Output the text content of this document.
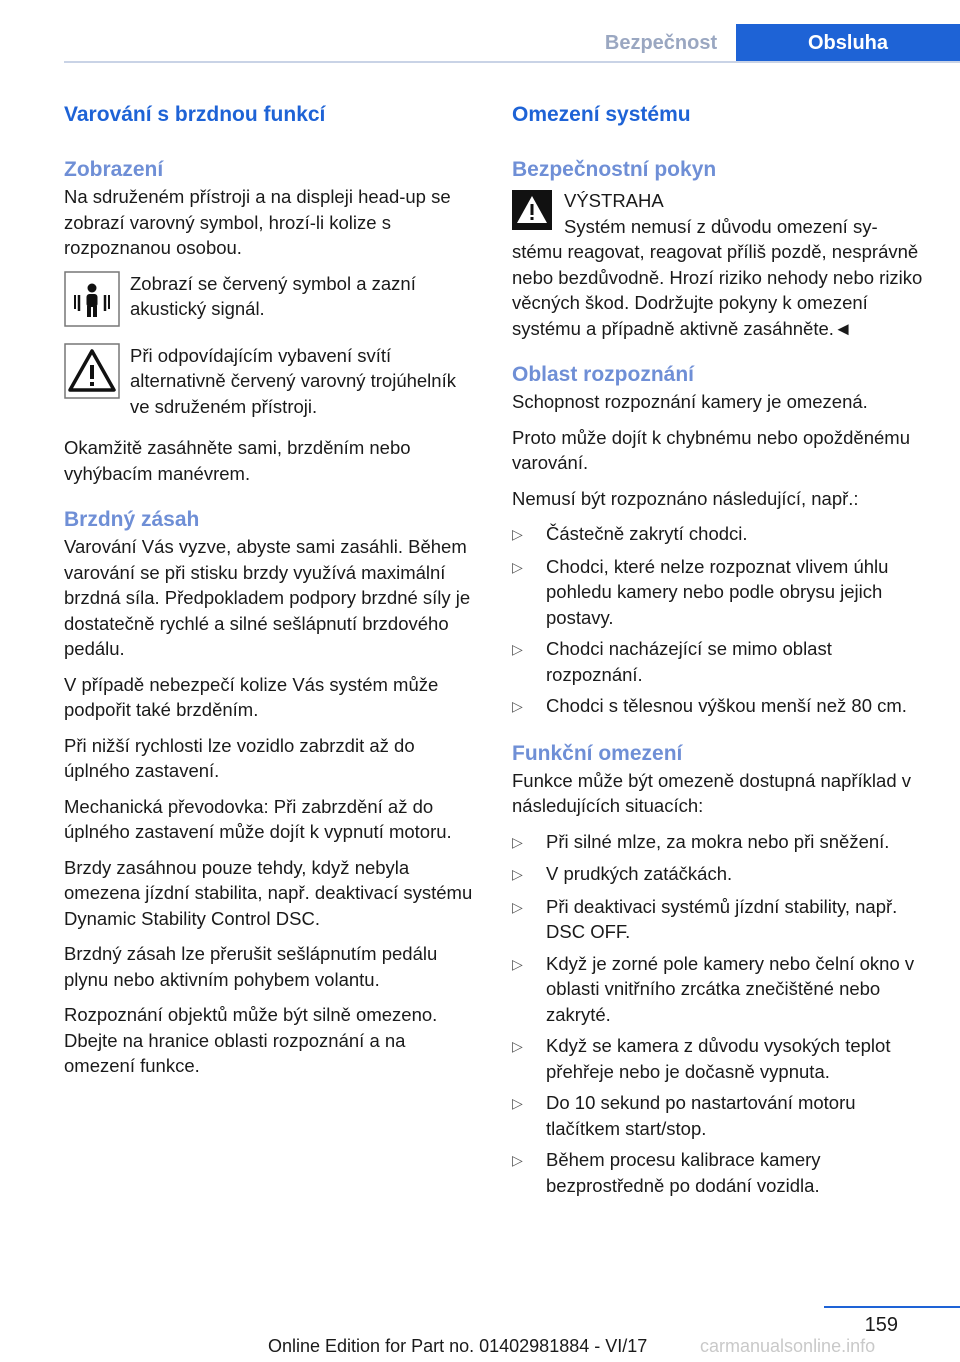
Bezpečnost	Obsluha
Varování s brzdnou funkcí
Zobrazení

Na sdruženém přístroji a na displeji head-up se zobrazí varovný symbol, hrozí-li kolize s rozpoznanou osobou.

Zobrazí se červený symbol a zazní akustický signál.

Při odpovídajícím vybavení svítí alternativně červený varovný trojúhelník ve sdruženém přístroji.

Okamžitě zasáhněte sami, brzděním nebo vyhýbacím manévrem.

Brzdný zásah

Varování Vás vyzve, abyste sami zasáhli. Během varování se při stisku brzdy využívá maximální brzdná síla. Předpokladem podpory brzdné síly je dostatečně rychlé a silné sešlápnutí brzdového pedálu.

V případě nebezpečí kolize Vás systém může podpořit také brzděním.

Při nižší rychlosti lze vozidlo zabrzdit až do úplného zastavení.

Mechanická převodovka: Při zabrzdění až do úplného zastavení může dojít k vypnutí motoru.

Brzdy zasáhnou pouze tehdy, když nebyla omezena jízdní stabilita, např. deaktivací systému Dynamic Stability Control DSC.

Brzdný zásah lze přerušit sešlápnutím pedálu plynu nebo aktivním pohybem volantu.

Rozpoznání objektů může být silně omezeno. Dbejte na hranice oblasti rozpoznání a na omezení funkce.

Omezení systému
Bezpečnostní pokyn
VÝSTRAHA
Systém nemusí z důvodu omezení sy-

stému reagovat, reagovat příliš pozdě, nesprávně nebo bezdůvodně. Hrozí riziko nehody nebo riziko věcných škod. Dodržujte pokyny k omezení systému a případně aktivně zasáhněte.◄

Oblast rozpoznání

Schopnost rozpoznání kamery je omezená.

Proto může dojít k chybnému nebo opožděnému varování.

Nemusí být rozpoznáno následující, např.:

▷	Částečně zakrytí chodci.
▷	Chodci, které nelze rozpoznat vlivem úhlu pohledu kamery nebo podle obrysu jejich postavy.
▷	Chodci nacházející se mimo oblast rozpoznání.
▷	Chodci s tělesnou výškou menší než 80 cm.
Funkční omezení

Funkce může být omezeně dostupná například v následujících situacích:

▷	Při silné mlze, za mokra nebo při sněžení.
▷	V prudkých zatáčkách.
▷	Při deaktivaci systémů jízdní stability, např. DSC OFF.
▷	Když je zorné pole kamery nebo čelní okno v oblasti vnitřního zrcátka znečištěné nebo zakryté.
▷	Když se kamera z důvodu vysokých teplot přehřeje nebo je dočasně vypnuta.
▷	Do 10 sekund po nastartování motoru tlačítkem start/stop.
▷	Během procesu kalibrace kamery bezprostředně po dodání vozidla.
159
Online Edition for Part no. 01402981884 - VI/17	carmanualsonline.info
